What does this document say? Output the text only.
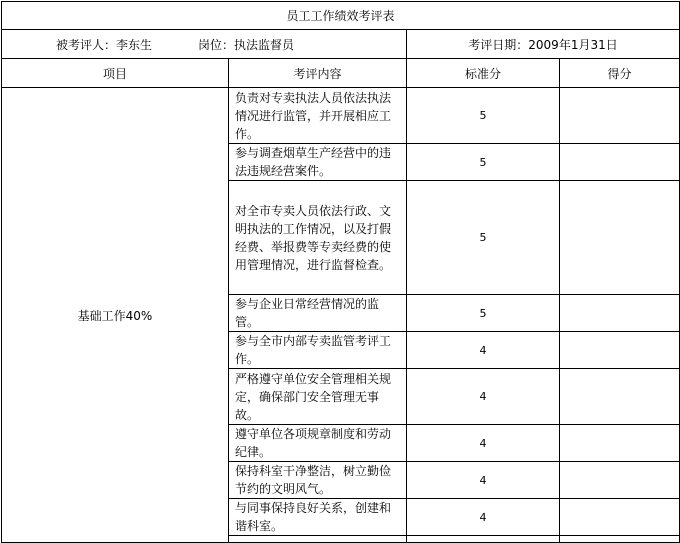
员工工作绩效考评表			
被考评人：李东生 岗位：执法监督员		考评日期：2009年1月31日	
项目	考评内容	标准分	得分
基础工作40%	负责对专卖执法人员依法执法情况进行监管，并开展相应工作。	5	
	参与调查烟草生产经营中的违法违规经营案件。	5	
	对全市专卖人员依法行政、文明执法的工作情况，以及打假经费、举报费等专卖经费的使用管理情况，进行监督检查。	5	
	参与企业日常经营情况的监管。	5	
	参与全市内部专卖监管考评工作。	4	
	严格遵守单位安全管理相关规定，确保部门安全管理无事故。	4	
	遵守单位各项规章制度和劳动纪律。	4	
	保持科室干净整洁，树立勤俭节约的文明风气。	4	
	与同事保持良好关系，创建和谐科室。	4	
